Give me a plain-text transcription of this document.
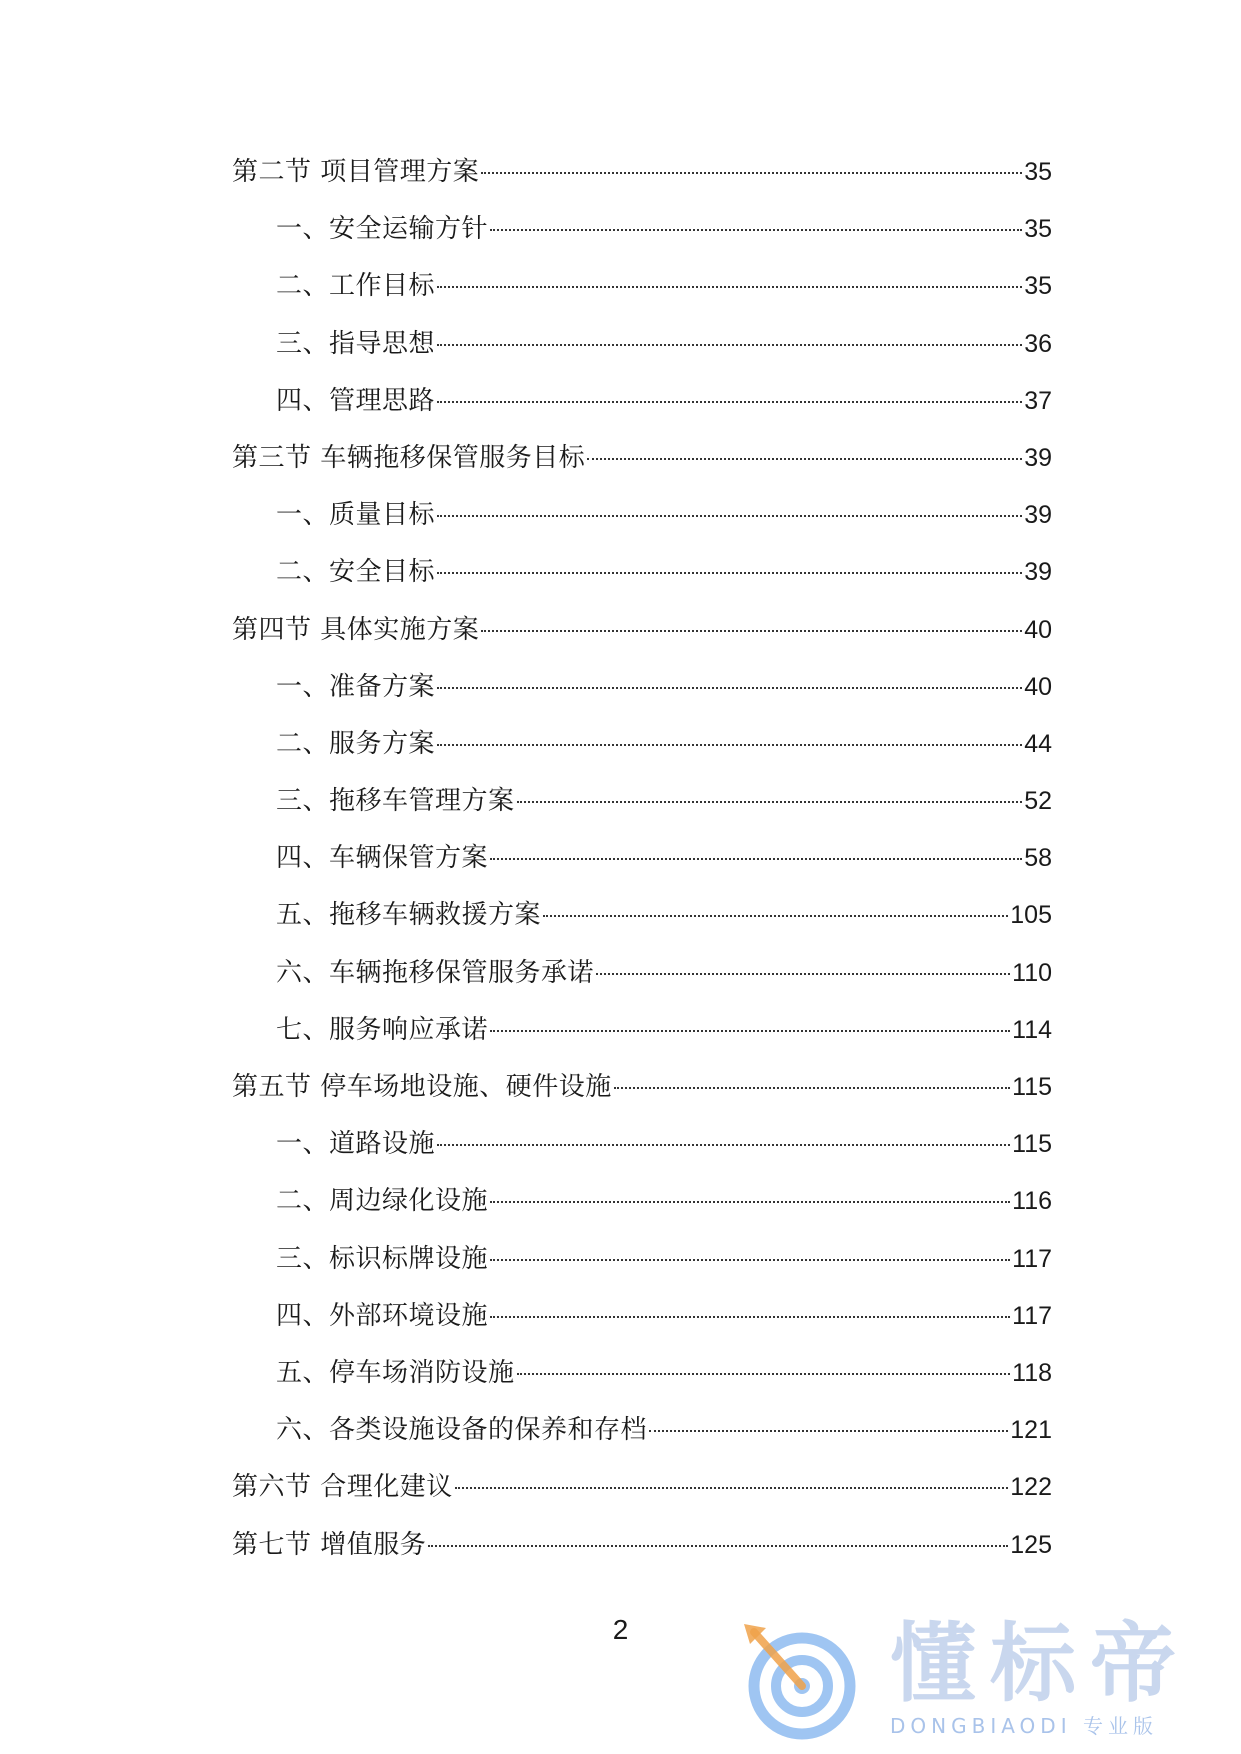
第二节 项目管理方案	35
一、安全运输方针	35
二、工作目标	35
三、指导思想	36
四、管理思路	37
第三节 车辆拖移保管服务目标	39
一、质量目标	39
二、安全目标	39
第四节 具体实施方案	40
一、准备方案	40
二、服务方案	44
三、拖移车管理方案	52
四、车辆保管方案	58
五、拖移车辆救援方案	105
六、车辆拖移保管服务承诺	110
七、服务响应承诺	114
第五节 停车场地设施、硬件设施	115
一、道路设施	115
二、周边绿化设施	116
三、标识标牌设施	117
四、外部环境设施	117
五、停车场消防设施	118
六、各类设施设备的保养和存档	121
第六节 合理化建议	122
第七节 增值服务	125
2	懂标帝
DONGBIAODI 专业版
